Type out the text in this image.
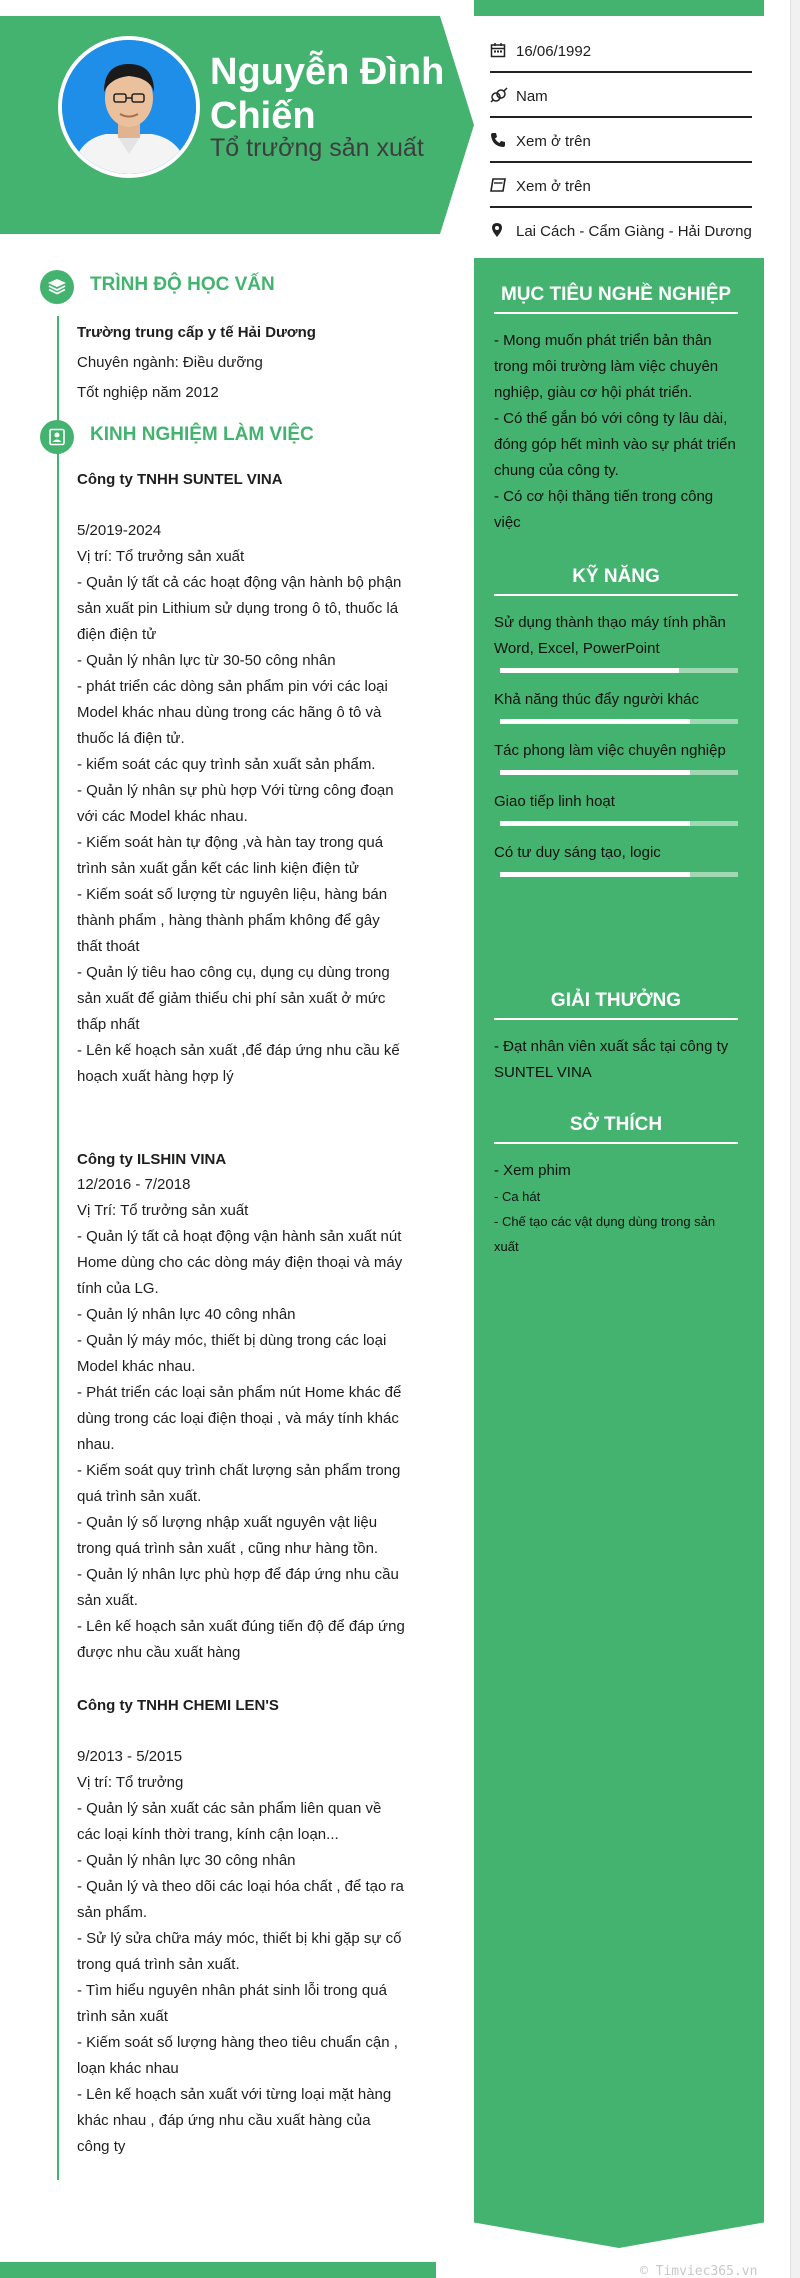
Nguyễn Đình Chiến
Tổ trưởng sản xuất
16/06/1992
Nam
Xem ở trên
Xem ở trên
Lai Cách - Cẩm Giàng - Hải Dương
MỤC TIÊU NGHỀ NGHIỆP
- Mong muốn phát triển bản thân trong môi trường làm việc chuyên nghiệp, giàu cơ hội phát triển.
- Có thể gắn bó với công ty lâu dài, đóng góp hết mình vào sự phát triển chung của công ty.
- Có cơ hội thăng tiến trong công việc
KỸ NĂNG
Sử dụng thành thạo máy tính phần Word, Excel, PowerPoint
Khả năng thúc đẩy người khác
Tác phong làm việc chuyên nghiệp
Giao tiếp linh hoạt
Có tư duy sáng tạo, logic
GIẢI THƯỞNG
- Đạt nhân viên xuất sắc tại công ty SUNTEL VINA
SỞ THÍCH
- Xem phim
- Ca hát
- Chế tạo các vật dụng dùng trong sản xuất
TRÌNH ĐỘ HỌC VẤN
Trường trung cấp y tế Hải Dương
Chuyên ngành: Điều dưỡng
Tốt nghiệp năm 2012
KINH NGHIỆM LÀM VIỆC
Công ty TNHH SUNTEL VINA
5/2019-2024
Vị trí: Tổ trưởng sản xuất
- Quản lý tất cả các hoạt động vận hành bộ phận sản xuất pin Lithium sử dụng trong ô tô, thuốc lá điện điện tử
- Quản lý nhân lực từ 30-50 công nhân
- phát triển các dòng sản phẩm pin với các loại Model khác nhau dùng trong các hãng ô tô và thuốc lá điện tử.
- kiểm soát các quy trình sản xuất sản phẩm.
- Quản lý nhân sự phù hợp Với từng công đoạn với các Model khác nhau.
- Kiếm soát hàn tự động ,và hàn tay trong quá trình sản xuất gắn kết các linh kiện điện tử
- Kiếm soát số lượng từ nguyên liệu, hàng bán thành phẩm , hàng thành phẩm không để gây thất thoát
- Quản lý tiêu hao công cụ, dụng cụ dùng trong sản xuất để giảm thiểu chi phí sản xuất ở mức thấp nhất
- Lên kế hoạch sản xuất ,để đáp ứng nhu cầu kế hoạch xuất hàng hợp lý
Công ty ILSHIN VINA
12/2016 - 7/2018
Vị Trí: Tổ trưởng sản xuất
- Quản lý tất cả hoạt động vận hành sản xuất nút Home dùng cho các dòng máy điện thoại và máy tính của LG.
- Quản lý nhân lực 40 công nhân
- Quản lý máy móc, thiết bị dùng trong các loại Model khác nhau.
- Phát triển các loại sản phẩm nút Home khác để dùng trong các loại điện thoại , và máy tính khác nhau.
- Kiếm soát quy trình chất lượng sản phẩm trong quá trình sản xuất.
- Quản lý số lượng nhập xuất nguyên vật liệu trong quá trình sản xuất , cũng như hàng tồn.
- Quản lý nhân lực phù hợp để đáp ứng nhu cầu sản xuất.
- Lên kế hoạch sản xuất đúng tiến độ để đáp ứng được nhu cầu xuất hàng
Công ty TNHH CHEMI LEN'S
9/2013 - 5/2015
Vị trí: Tổ trưởng
- Quản lý sản xuất các sản phẩm liên quan về các loại kính thời trang, kính cận loạn...
- Quản lý nhân lực 30 công nhân
- Quản lý và theo dõi các loại hóa chất , để tạo ra sản phẩm.
- Sử lý sửa chữa máy móc, thiết bị khi gặp sự cố trong quá trình sản xuất.
- Tìm hiểu nguyên nhân phát sinh lỗi trong quá trình sản xuất
- Kiếm soát số lượng hàng theo tiêu chuẩn cận , loạn khác nhau
- Lên kế hoạch sản xuất với từng loại mặt hàng khác nhau , đáp ứng nhu cầu xuất hàng của công ty
© Timviec365.vn
